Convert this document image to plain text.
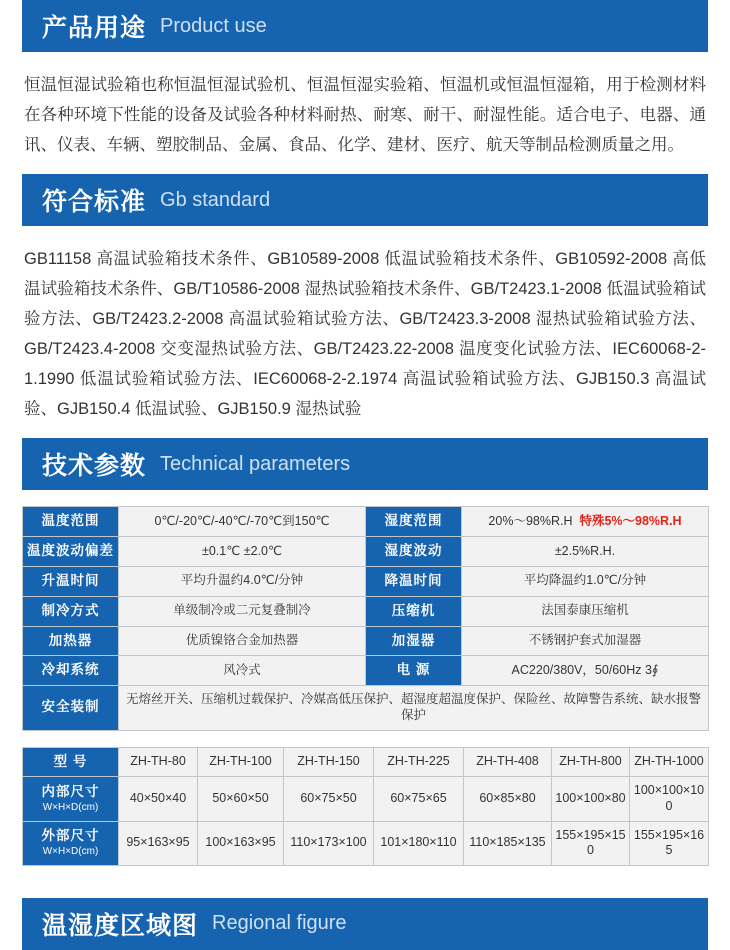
产品用途 Product use
恒温恒湿试验箱也称恒温恒湿试验机、恒温恒湿实验箱、恒温机或恒温恒湿箱，用于检测材料在各种环境下性能的设备及试验各种材料耐热、耐寒、耐干、耐湿性能。适合电子、电器、通讯、仪表、车辆、塑胶制品、金属、食品、化学、建材、医疗、航天等制品检测质量之用。
符合标准 Gb standard
GB11158 高温试验箱技术条件、GB10589-2008 低温试验箱技术条件、GB10592-2008 高低温试验箱技术条件、GB/T10586-2008 湿热试验箱技术条件、GB/T2423.1-2008 低温试验箱试验方法、GB/T2423.2-2008 高温试验箱试验方法、GB/T2423.3-2008 湿热试验箱试验方法、GB/T2423.4-2008 交变湿热试验方法、GB/T2423.22-2008 温度变化试验方法、IEC60068-2-1.1990 低温试验箱试验方法、IEC60068-2-2.1974 高温试验箱试验方法、GJB150.3 高温试验、GJB150.4 低温试验、GJB150.9 湿热试验
技术参数 Technical parameters
温度范围	0℃/-20℃/-40℃/-70℃到150℃	湿度范围	20%～98%R.H 特殊5%～98%R.H
温度波动偏差	±0.1℃ ±2.0℃	湿度波动	±2.5%R.H.
升温时间	平均升温约4.0℃/分钟	降温时间	平均降温约1.0℃/分钟
制冷方式	单级制冷或二元复叠制冷	压缩机	法国泰康压缩机
加热器	优质镍铬合金加热器	加湿器	不锈钢护套式加湿器
冷却系统	风冷式	电 源	AC220/380V，50/60Hz 3∮
安全装制	无熔丝开关、压缩机过载保护、冷媒高低压保护、超湿度超温度保护、保险丝、故障警告系统、缺水报警保护		
型 号	ZH-TH-80	ZH-TH-100	ZH-TH-150	ZH-TH-225	ZH-TH-408	ZH-TH-800	ZH-TH-1000
内部尺寸
W×H×D(cm)	40×50×40	50×60×50	60×75×50	60×75×65	60×85×80	100×100×80	100×100×100
外部尺寸
W×H×D(cm)	95×163×95	100×163×95	110×173×100	101×180×110	110×185×135	155×195×150	155×195×165
温湿度区域图 Regional figure
